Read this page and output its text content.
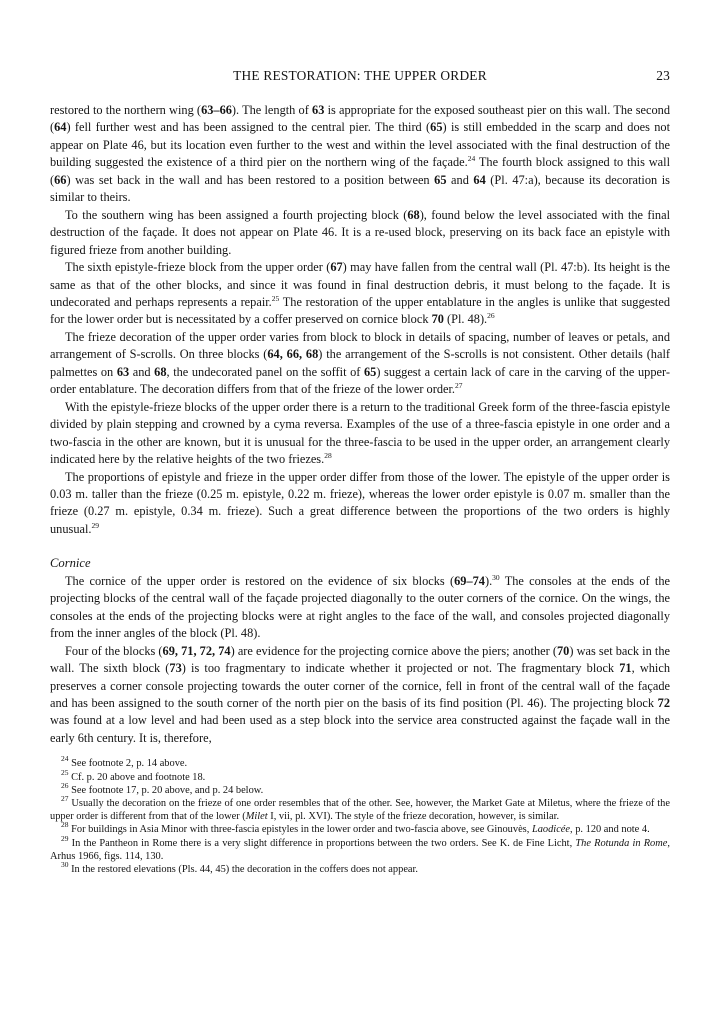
THE RESTORATION: THE UPPER ORDER	23

restored to the northern wing (63–66). The length of 63 is appropriate for the exposed southeast pier on this wall. The second (64) fell further west and has been assigned to the central pier. The third (65) is still embedded in the scarp and does not appear on Plate 46, but its location even further to the west and within the level associated with the final destruction of the building suggested the existence of a third pier on the northern wing of the façade.$^{24}$ The fourth block assigned to this wall (66) was set back in the wall and has been restored to a position between 65 and 64 (Pl. 47:a), because its decoration is similar to theirs.

To the southern wing has been assigned a fourth projecting block (68), found below the level associated with the final destruction of the façade. It does not appear on Plate 46. It is a re-used block, preserving on its back face an epistyle with figured frieze from another building.

The sixth epistyle-frieze block from the upper order (67) may have fallen from the central wall (Pl. 47:b). Its height is the same as that of the other blocks, and since it was found in final destruction debris, it must belong to the façade. It is undecorated and perhaps represents a repair.$^{25}$ The restoration of the upper entablature in the angles is unlike that suggested for the lower order but is necessitated by a coffer preserved on cornice block 70 (Pl. 48).$^{26}$

The frieze decoration of the upper order varies from block to block in details of spacing, number of leaves or petals, and arrangement of S-scrolls. On three blocks (64, 66, 68) the arrangement of the S-scrolls is not consistent. Other details (half palmettes on 63 and 68, the undecorated panel on the soffit of 65) suggest a certain lack of care in the carving of the upper-order entablature. The decoration differs from that of the frieze of the lower order.$^{27}$

With the epistyle-frieze blocks of the upper order there is a return to the traditional Greek form of the three-fascia epistyle divided by plain stepping and crowned by a cyma reversa. Examples of the use of a three-fascia epistyle in one order and a two-fascia in the other are known, but it is unusual for the three-fascia to be used in the upper order, an arrangement clearly indicated here by the relative heights of the two friezes.$^{28}$

The proportions of epistyle and frieze in the upper order differ from those of the lower. The epistyle of the upper order is 0.03 m. taller than the frieze (0.25 m. epistyle, 0.22 m. frieze), whereas the lower order epistyle is 0.07 m. smaller than the frieze (0.27 m. epistyle, 0.34 m. frieze). Such a great difference between the proportions of the two orders is highly unusual.$^{29}$

Cornice

The cornice of the upper order is restored on the evidence of six blocks (69–74).$^{30}$ The consoles at the ends of the projecting blocks of the central wall of the façade projected diagonally to the outer corners of the cornice. On the wings, the consoles at the ends of the projecting blocks were at right angles to the face of the wall, and consoles projected diagonally from the inner angles of the block (Pl. 48).

Four of the blocks (69, 71, 72, 74) are evidence for the projecting cornice above the piers; another (70) was set back in the wall. The sixth block (73) is too fragmentary to indicate whether it projected or not. The fragmentary block 71, which preserves a corner console projecting towards the outer corner of the cornice, fell in front of the central wall of the façade and has been assigned to the south corner of the north pier on the basis of its find position (Pl. 46). The projecting block 72 was found at a low level and had been used as a step block into the service area constructed against the façade wall in the early 6th century. It is, therefore,

$^{24}$ See footnote 2, p. 14 above.

$^{25}$ Cf. p. 20 above and footnote 18.

$^{26}$ See footnote 17, p. 20 above, and p. 24 below.

$^{27}$ Usually the decoration on the frieze of one order resembles that of the other. See, however, the Market Gate at Miletus, where the frieze of the upper order is different from that of the lower (Milet I, vii, pl. XVI). The style of the frieze decoration, however, is similar.

$^{28}$ For buildings in Asia Minor with three-fascia epistyles in the lower order and two-fascia above, see Ginouvès, Laodicée, p. 120 and note 4.

$^{29}$ In the Pantheon in Rome there is a very slight difference in proportions between the two orders. See K. de Fine Licht, The Rotunda in Rome, Arhus 1966, figs. 114, 130.

$^{30}$ In the restored elevations (Pls. 44, 45) the decoration in the coffers does not appear.
